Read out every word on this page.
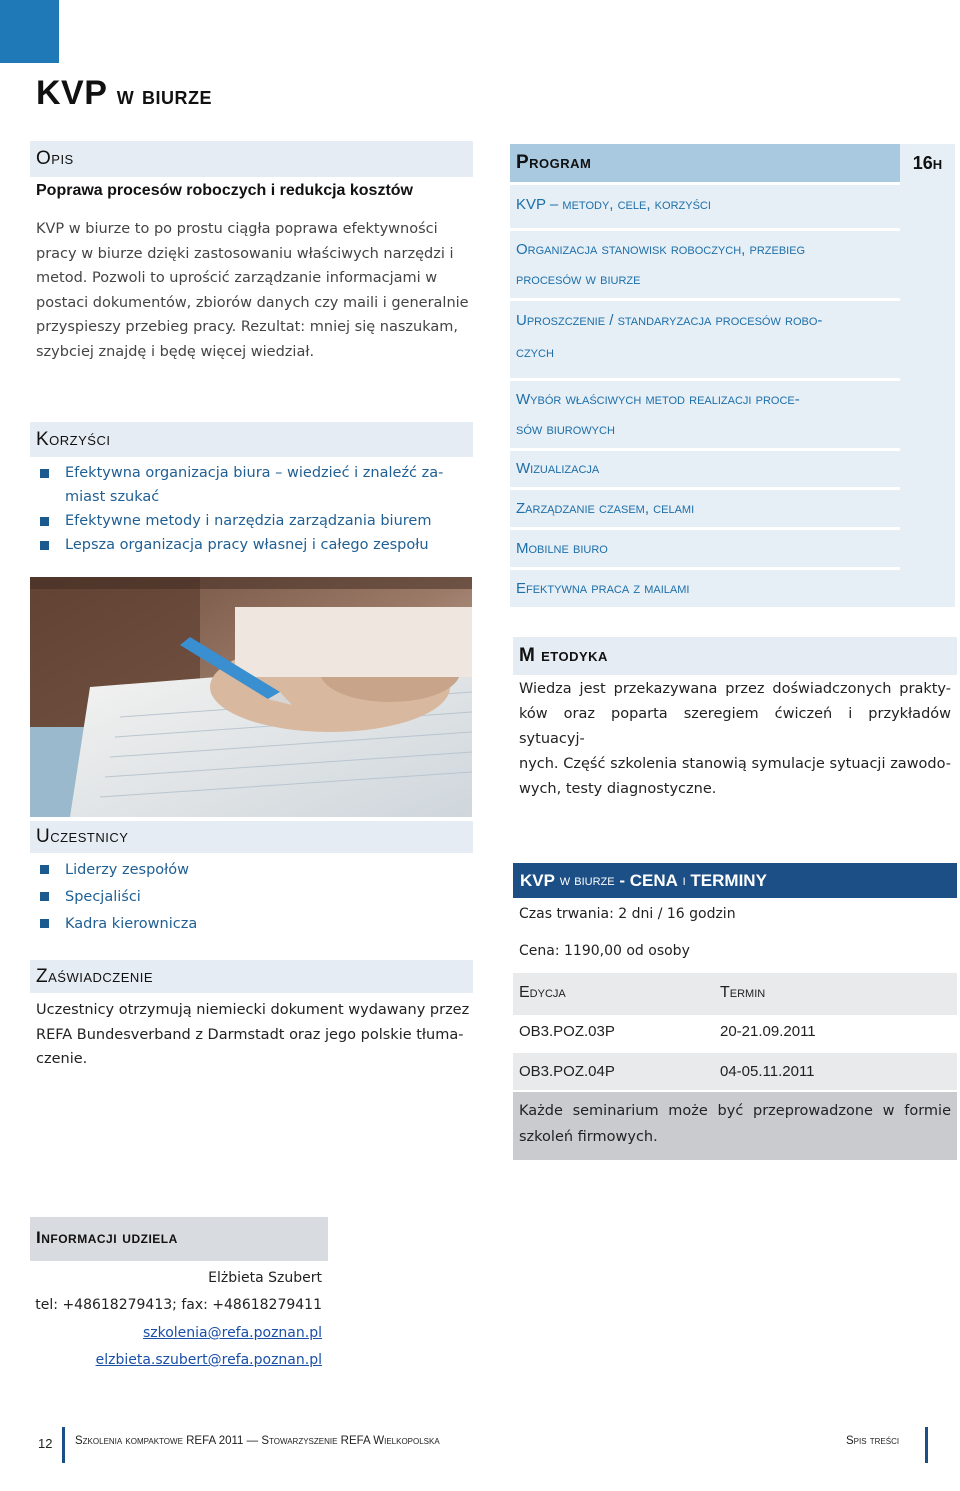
KVP w biurze
Opis
Poprawa procesów roboczych i redukcja kosztów
KVP w biurze to po prostu ciągła poprawa efektywności
pracy w biurze dzięki zastosowaniu właściwych narzędzi i
metod. Pozwoli to uprościć zarządzanie informacjami w
postaci dokumentów, zbiorów danych czy maili i generalnie
przyspieszy przebieg pracy. Rezultat: mniej się naszukam,
szybciej znajdę i będę więcej wiedział.
Korzyści
Efektywna organizacja biura – wiedzieć i znaleźć za-
miast szukać
Efektywne metody i narzędzia zarządzania biurem
Lepsza organizacja pracy własnej i całego zespołu
Program	16h
KVP – metody, cele, korzyści
Organizacja stanowisk roboczych, przebieg
procesów w biurze
Uproszczenie / standaryzacja procesów robo-
czych
Wybór właściwych metod realizacji proce-
sów biurowych
Wizualizacja
Zarządzanie czasem, celami
Mobilne biuro
Efektywna praca z mailami
M etodyka
Wiedza jest przekazywana przez doświadczonych prakty-
ków oraz poparta szeregiem ćwiczeń i przykładów sytuacyj-
nych. Część szkolenia stanowią symulacje sytuacji zawodo-
wych, testy diagnostyczne.
Uczestnicy
Liderzy zespołów
Specjaliści
Kadra kierownicza
Zaświadczenie
Uczestnicy otrzymują niemiecki dokument wydawany przez
REFA Bundesverband z Darmstadt oraz jego polskie tłuma-
czenie.
KVP
w biurze
- CENA
i
TERMINY
Czas trwania: 2 dni / 16 godzin
Cena: 1190,00 od osoby
Edycja	Termin
OB3.POZ.03P	20-21.09.2011
OB3.POZ.04P	04-05.11.2011
Każde seminarium może być przeprowadzone w formie
szkoleń firmowych.
Informacji udziela
Elżbieta Szubert
tel: +48618279413; fax: +48618279411
szkolenia@refa.poznan.pl
elzbieta.szubert@refa.poznan.pl
12 Szkolenia kompaktowe REFA 2011 — Stowarzyszenie REFA Wielkopolska	Spis treści
